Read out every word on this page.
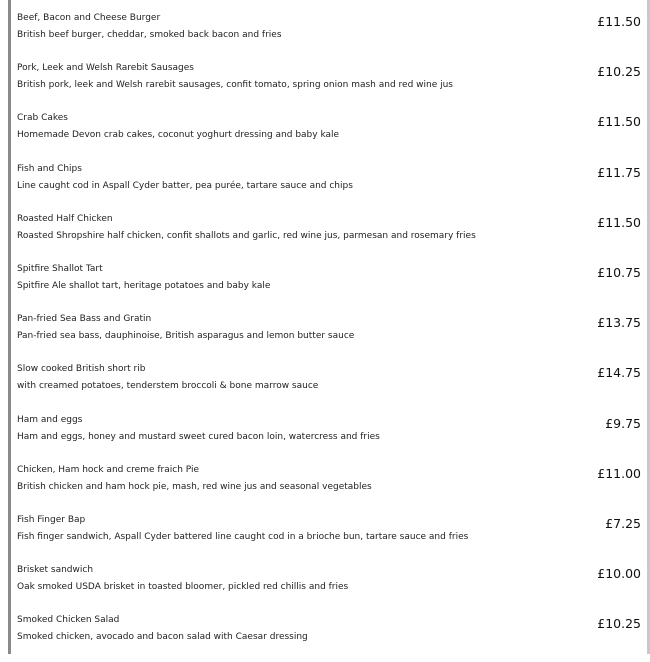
Beef, Bacon and Cheese Burger
British beef burger, cheddar, smoked back bacon and fries
£11.50
Pork, Leek and Welsh Rarebit Sausages
British pork, leek and Welsh rarebit sausages, confit tomato, spring onion mash and red wine jus
£10.25
Crab Cakes
Homemade Devon crab cakes, coconut yoghurt dressing and baby kale
£11.50
Fish and Chips
Line caught cod in Aspall Cyder batter, pea purée, tartare sauce and chips
£11.75
Roasted Half Chicken
Roasted Shropshire half chicken, confit shallots and garlic, red wine jus, parmesan and rosemary fries
£11.50
Spitfire Shallot Tart
Spitfire Ale shallot tart, heritage potatoes and baby kale
£10.75
Pan-fried Sea Bass and Gratin
Pan-fried sea bass, dauphinoise, British asparagus and lemon butter sauce
£13.75
Slow cooked British short rib
with creamed potatoes, tenderstem broccoli & bone marrow sauce
£14.75
Ham and eggs
Ham and eggs, honey and mustard sweet cured bacon loin, watercress and fries
£9.75
Chicken, Ham hock and creme fraich Pie
British chicken and ham hock pie, mash, red wine jus and seasonal vegetables
£11.00
Fish Finger Bap
Fish finger sandwich, Aspall Cyder battered line caught cod in a brioche bun, tartare sauce and fries
£7.25
Brisket sandwich
Oak smoked USDA brisket in toasted bloomer, pickled red chillis and fries
£10.00
Smoked Chicken Salad
Smoked chicken, avocado and bacon salad with Caesar dressing
£10.25
